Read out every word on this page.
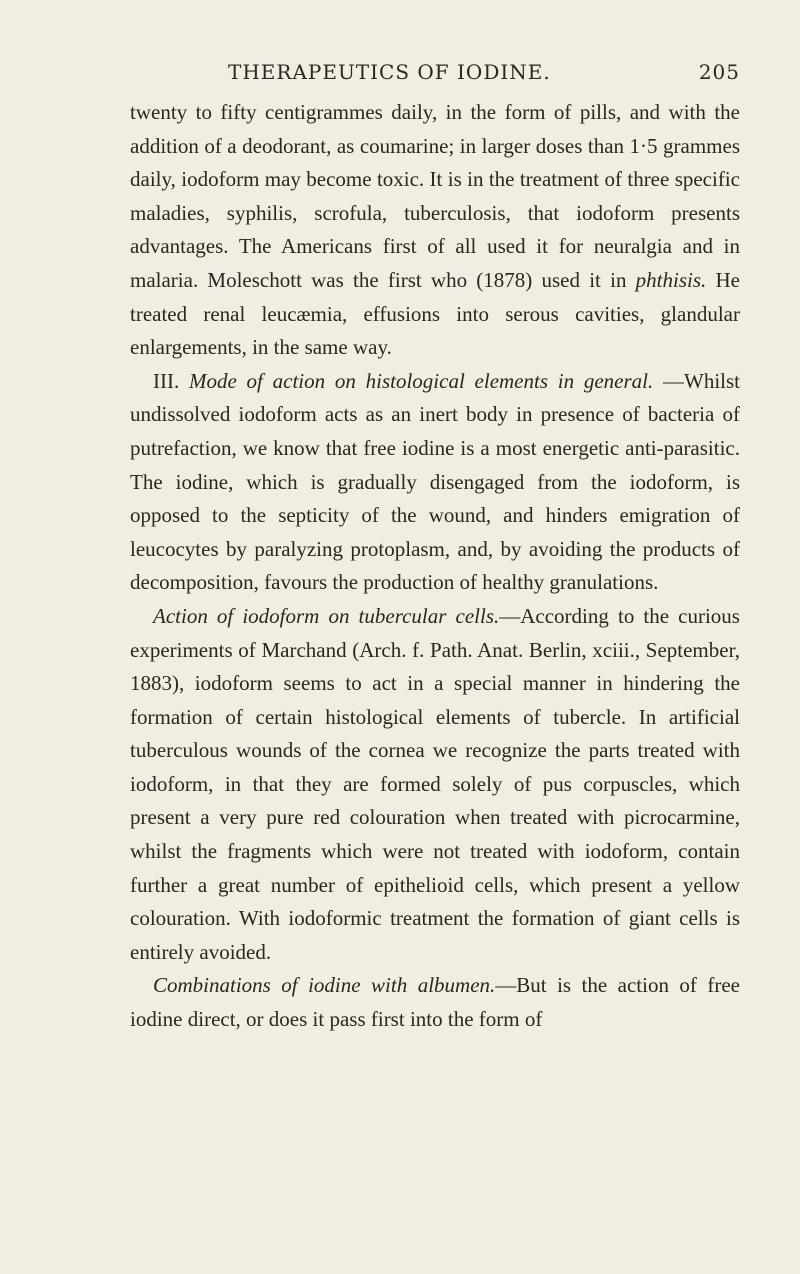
THERAPEUTICS OF IODINE.	205

twenty to fifty centigrammes daily, in the form of pills, and with the addition of a deodorant, as coumarine; in larger doses than 1·5 grammes daily, iodoform may become toxic. It is in the treatment of three specific maladies, syphilis, scrofula, tuberculosis, that iodoform presents advantages. The Americans first of all used it for neuralgia and in malaria. Moleschott was the first who (1878) used it in phthisis. He treated renal leucæmia, effusions into serous cavities, glandular enlargements, in the same way.

III. Mode of action on histological elements in general. —Whilst undissolved iodoform acts as an inert body in presence of bacteria of putrefaction, we know that free iodine is a most energetic anti-parasitic. The iodine, which is gradually disengaged from the iodoform, is opposed to the septicity of the wound, and hinders emigration of leucocytes by paralyzing protoplasm, and, by avoiding the products of decomposition, favours the production of healthy granulations.

Action of iodoform on tubercular cells.—According to the curious experiments of Marchand (Arch. f. Path. Anat. Berlin, xciii., September, 1883), iodoform seems to act in a special manner in hindering the formation of certain histological elements of tubercle. In artificial tuberculous wounds of the cornea we recognize the parts treated with iodoform, in that they are formed solely of pus corpuscles, which present a very pure red colouration when treated with picrocarmine, whilst the fragments which were not treated with iodoform, contain further a great number of epithelioid cells, which present a yellow colouration. With iodoformic treatment the formation of giant cells is entirely avoided.

Combinations of iodine with albumen.—But is the action of free iodine direct, or does it pass first into the form of
